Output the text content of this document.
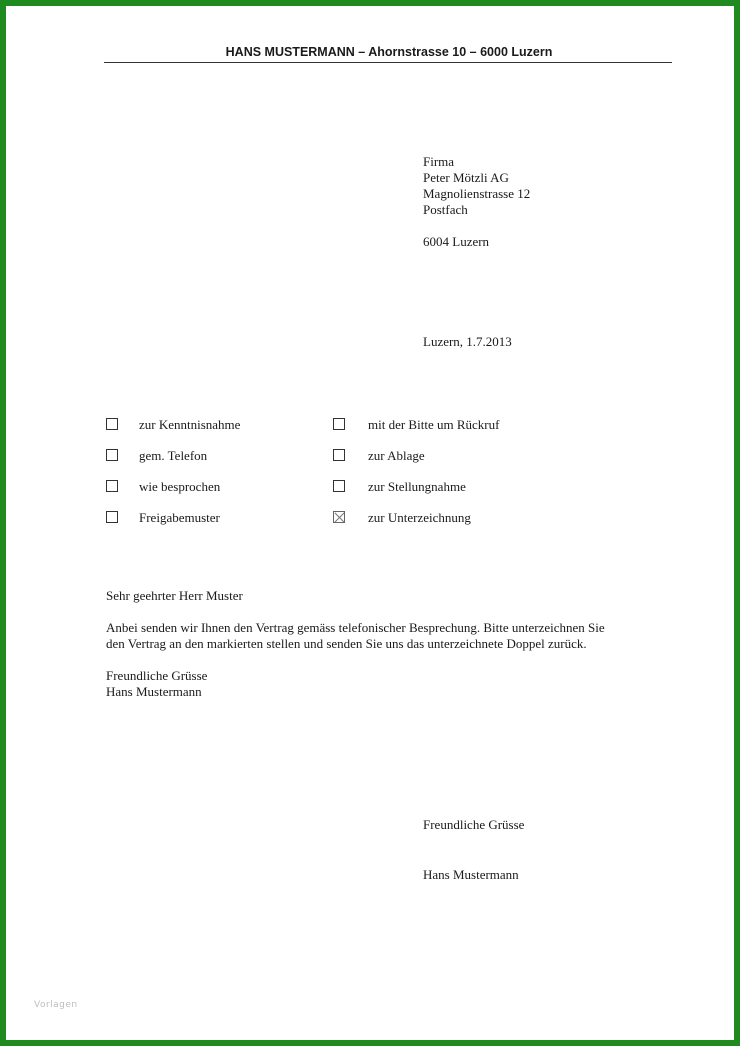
HANS MUSTERMANN – Ahornstrasse 10 – 6000 Luzern
Firma
Peter Mötzli AG
Magnolienstrasse 12
Postfach
6004 Luzern
Luzern, 1.7.2013
zur Kenntnisnahme
gem. Telefon
wie besprochen
Freigabemuster
mit der Bitte um Rückruf
zur Ablage
zur Stellungnahme
zur Unterzeichnung

Sehr geehrter Herr Muster

Anbei senden wir Ihnen den Vertrag gemäss telefonischer Besprechung. Bitte unterzeichnen Sie
den Vertrag an den markierten stellen und senden Sie uns das unterzeichnete Doppel zurück.

Freundliche Grüsse
Hans Mustermann

Freundliche Grüsse
Hans Mustermann
Vorlagen
